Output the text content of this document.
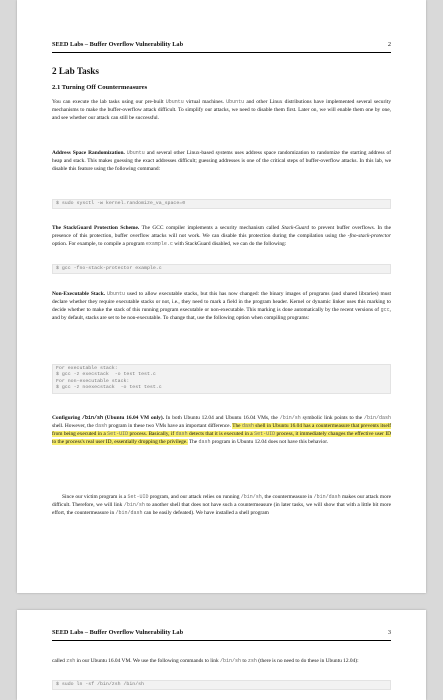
SEED Labs – Buffer Overflow Vulnerability Lab	2
2 Lab Tasks
2.1 Turning Off Countermeasures
You can execute the lab tasks using our pre-built Ubuntu virtual machines. Ubuntu and other Linux distributions have implemented several security mechanisms to make the buffer-overflow attack difficult. To simplify our attacks, we need to disable them first. Later on, we will enable them one by one, and see whether our attack can still be successful.
Address Space Randomization. Ubuntu and several other Linux-based systems uses address space randomization to randomize the starting address of heap and stack. This makes guessing the exact addresses difficult; guessing addresses is one of the critical steps of buffer-overflow attacks. In this lab, we disable this feature using the following command:
$ sudo sysctl -w kernel.randomize_va_space=0
The StackGuard Protection Scheme. The GCC compiler implements a security mechanism called Stack-Guard to prevent buffer overflows. In the presence of this protection, buffer overflow attacks will not work. We can disable this protection during the compilation using the -fno-stack-protector option. For example, to compile a program example.c with StackGuard disabled, we can do the following:
$ gcc -fno-stack-protector example.c
Non-Executable Stack. Ubuntu used to allow executable stacks, but this has now changed: the binary images of programs (and shared libraries) must declare whether they require executable stacks or not, i.e., they need to mark a field in the program header. Kernel or dynamic linker uses this marking to decide whether to make the stack of this running program executable or non-executable. This marking is done automatically by the recent versions of gcc, and by default, stacks are set to be non-executable. To change that, use the following option when compiling programs:
For executable stack:
$ gcc -z execstack  -o test test.c
For non-executable stack:
$ gcc -z noexecstack  -o test test.c
Configuring /bin/sh (Ubuntu 16.04 VM only). In both Ubuntu 12.04 and Ubuntu 16.04 VMs, the /bin/sh symbolic link points to the /bin/dash shell. However, the dash program in these two VMs have an important difference. The dash shell in Ubuntu 16.04 has a countermeasure that prevents itself from being executed in a Set-UID process. Basically, if dash detects that it is executed in a Set-UID process, it immediately changes the effective user ID to the process's real user ID, essentially dropping the privilege. The dash program in Ubuntu 12.04 does not have this behavior.
Since our victim program is a Set-UID program, and our attack relies on running /bin/sh, the countermeasure in /bin/dash makes our attack more difficult. Therefore, we will link /bin/sh to another shell that does not have such a countermeasure (in later tasks, we will show that with a little bit more effort, the countermeasure in /bin/dash can be easily defeated). We have installed a shell program
SEED Labs – Buffer Overflow Vulnerability Lab	3
called zsh in our Ubuntu 16.04 VM. We use the following commands to link /bin/sh to zsh (there is no need to do these in Ubuntu 12.04):
$ sudo ln -sf /bin/zsh /bin/sh
